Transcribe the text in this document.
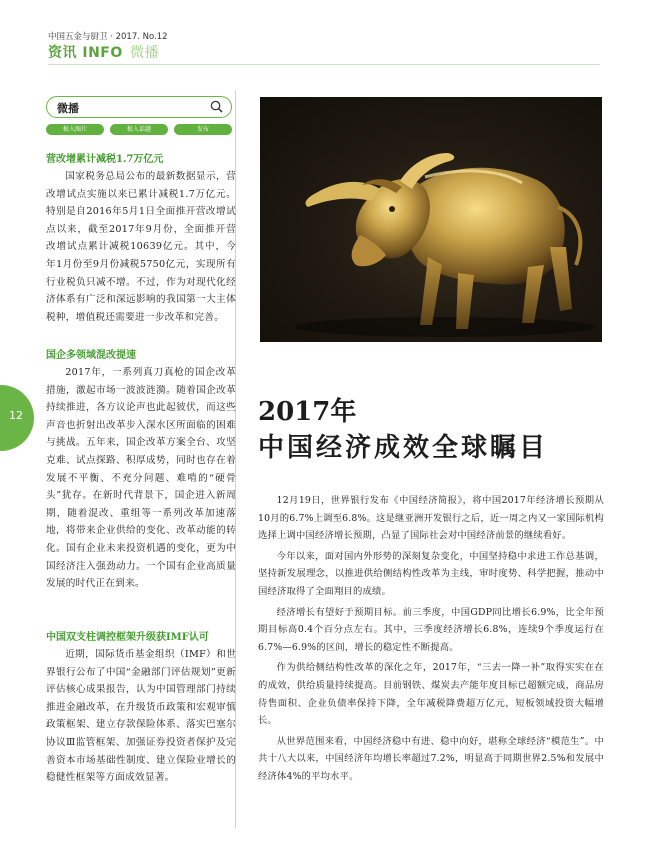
中国五金与厨卫 · 2017. No.12
资讯 INFO 微播
12
微播
植入图片	植入话题	发布
营改增累计减税1.7万亿元

国家税务总局公布的最新数据显示，营改增试点实施以来已累计减税1.7万亿元。特别是自2016年5月1日全面推开营改增试点以来，截至2017年9月份，全面推开营改增试点累计减税10639亿元。其中，今年1月份至9月份减税5750亿元，实现所有行业税负只减不增。不过，作为对现代化经济体系有广泛和深远影响的我国第一大主体税种，增值税还需要进一步改革和完善。

国企多领域混改提速

2017年，一系列真刀真枪的国企改革措施，激起市场一波波涟漪。随着国企改革持续推进，各方议论声也此起彼伏，而这些声音也折射出改革步入深水区所面临的困难与挑战。五年来，国企改革方案全台、攻坚克难、试点探路、积厚成势，同时也存在着发展不平衡、不充分问题、难啃的“硬骨头”犹存。在新时代背景下，国企进入新周期，随着混改、重组等一系列改革加速落地，将带来企业供给的变化、改革动能的转化。国有企业未来投资机遇的变化，更为中国经济注入强劲动力。一个国有企业高质量发展的时代正在到来。

中国双支柱调控框架升级获IMF认可

近期，国际货币基金组织（IMF）和世界银行公布了中国“金融部门评估规划”更新评估核心成果报告，认为中国管理部门持续推进金融改革，在升级货币政策和宏观审慎政策框架、建立存款保险体系、落实巴塞尔协议Ⅲ监管框架、加强证券投资者保护及完善资本市场基础性制度、建立保险业增长的稳健性框架等方面成效显著。

2017年
中国经济成效全球瞩目

12月19日，世界银行发布《中国经济简报》，将中国2017年经济增长预期从10月的6.7%上调至6.8%。这是继亚洲开发银行之后，近一周之内又一家国际机构选择上调中国经济增长预期，凸显了国际社会对中国经济前景的继续看好。

今年以来，面对国内外形势的深刻复杂变化，中国坚持稳中求进工作总基调，坚持新发展理念，以推进供给侧结构性改革为主线，审时度势、科学把握，推动中国经济取得了全面翔目的成绩。

经济增长有望好于预期目标。前三季度，中国GDP同比增长6.9%，比全年预期目标高0.4个百分点左右。其中，三季度经济增长6.8%，连续9个季度运行在6.7%—6.9%的区间，增长的稳定性不断提高。

作为供给侧结构性改革的深化之年，2017年，“三去一降一补”取得实实在在的成效，供给质量持续提高。目前钢铁、煤炭去产能年度目标已超额完成，商品房待售面积、企业负债率保持下降，全年减税降费超万亿元，短板领域投资大幅增长。

从世界范围来看，中国经济稳中有进、稳中向好，堪称全球经济“模范生”。中共十八大以来，中国经济年均增长率超过7.2%，明显高于同期世界2.5%和发展中经济体4%的平均水平。
